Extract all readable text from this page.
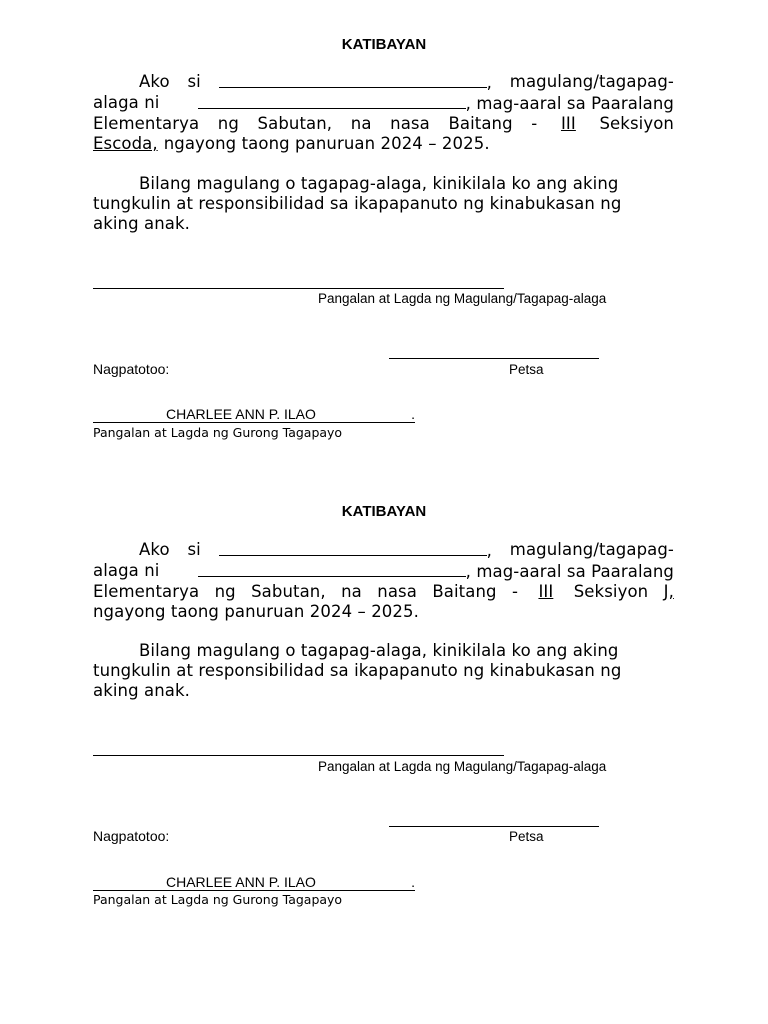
KATIBAYAN
Ako si	, magulang/tagapag-
alaga ni	, mag-aaral sa Paaralang
Elementarya ng Sabutan, na nasa Baitang -	III	Seksiyon
Escoda, ngayong taong panuruan 2024 – 2025.
Bilang magulang o tagapag-alaga, kinikilala ko ang aking
tungkulin at responsibilidad sa ikapapanuto ng kinabukasan ng
aking anak.
Pangalan at Lagda ng Magulang/Tagapag-alaga
Nagpatotoo:	Petsa
CHARLEE ANN P. ILAO	.
Pangalan at Lagda ng Gurong Tagapayo
KATIBAYAN
Ako si	, magulang/tagapag-
alaga ni	, mag-aaral sa Paaralang
Elementarya ng Sabutan, na nasa Baitang -	III	Seksiyon J,
ngayong taong panuruan 2024 – 2025.
Bilang magulang o tagapag-alaga, kinikilala ko ang aking
tungkulin at responsibilidad sa ikapapanuto ng kinabukasan ng
aking anak.
Pangalan at Lagda ng Magulang/Tagapag-alaga
Nagpatotoo:	Petsa
CHARLEE ANN P. ILAO	.
Pangalan at Lagda ng Gurong Tagapayo
